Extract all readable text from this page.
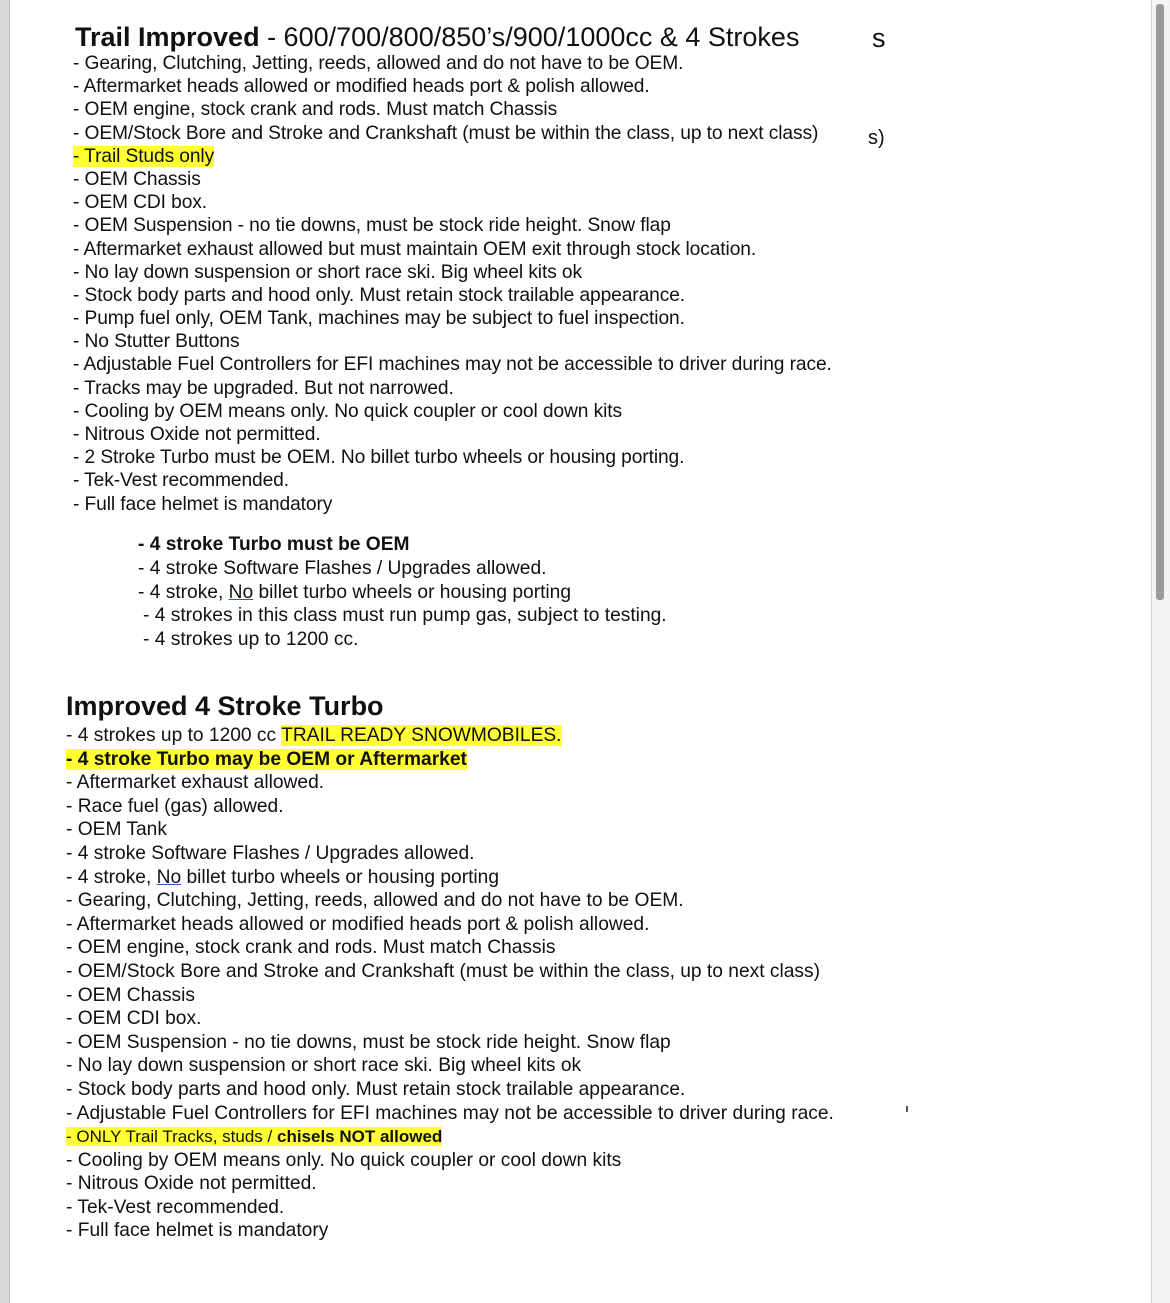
Trail Improved - 600/700/800/850’s/900/1000cc & 4 Strokes	s
s)
- Gearing, Clutching, Jetting, reeds, allowed and do not have to be OEM.
- Aftermarket heads allowed or modified heads port & polish allowed.
- OEM engine, stock crank and rods. Must match Chassis
- OEM/Stock Bore and Stroke and Crankshaft (must be within the class, up to next class)
- Trail Studs only
- OEM Chassis
- OEM CDI box.
- OEM Suspension - no tie downs, must be stock ride height. Snow flap
- Aftermarket exhaust allowed but must maintain OEM exit through stock location.
- No lay down suspension or short race ski. Big wheel kits ok
- Stock body parts and hood only. Must retain stock trailable appearance.
- Pump fuel only, OEM Tank, machines may be subject to fuel inspection.
- No Stutter Buttons
- Adjustable Fuel Controllers for EFI machines may not be accessible to driver during race.
- Tracks may be upgraded. But not narrowed.
- Cooling by OEM means only. No quick coupler or cool down kits
- Nitrous Oxide not permitted.
- 2 Stroke Turbo must be OEM. No billet turbo wheels or housing porting.
- Tek-Vest recommended.
- Full face helmet is mandatory
- 4 stroke Turbo must be OEM
- 4 stroke Software Flashes / Upgrades allowed.
- 4 stroke, No billet turbo wheels or housing porting
- 4 strokes in this class must run pump gas, subject to testing.
- 4 strokes up to 1200 cc.
Improved 4 Stroke Turbo
- 4 strokes up to 1200 cc TRAIL READY SNOWMOBILES.
- 4 stroke Turbo may be OEM or Aftermarket
- Aftermarket exhaust allowed.
- Race fuel (gas) allowed.
- OEM Tank
- 4 stroke Software Flashes / Upgrades allowed.
- 4 stroke, No billet turbo wheels or housing porting
- Gearing, Clutching, Jetting, reeds, allowed and do not have to be OEM.
- Aftermarket heads allowed or modified heads port & polish allowed.
- OEM engine, stock crank and rods. Must match Chassis
- OEM/Stock Bore and Stroke and Crankshaft (must be within the class, up to next class)
- OEM Chassis
- OEM CDI box.
- OEM Suspension - no tie downs, must be stock ride height. Snow flap
- No lay down suspension or short race ski. Big wheel kits ok
- Stock body parts and hood only. Must retain stock trailable appearance.
- Adjustable Fuel Controllers for EFI machines may not be accessible to driver during race.
- ONLY Trail Tracks, studs / chisels NOT allowed
- Cooling by OEM means only. No quick coupler or cool down kits
- Nitrous Oxide not permitted.
- Tek-Vest recommended.
- Full face helmet is mandatory
